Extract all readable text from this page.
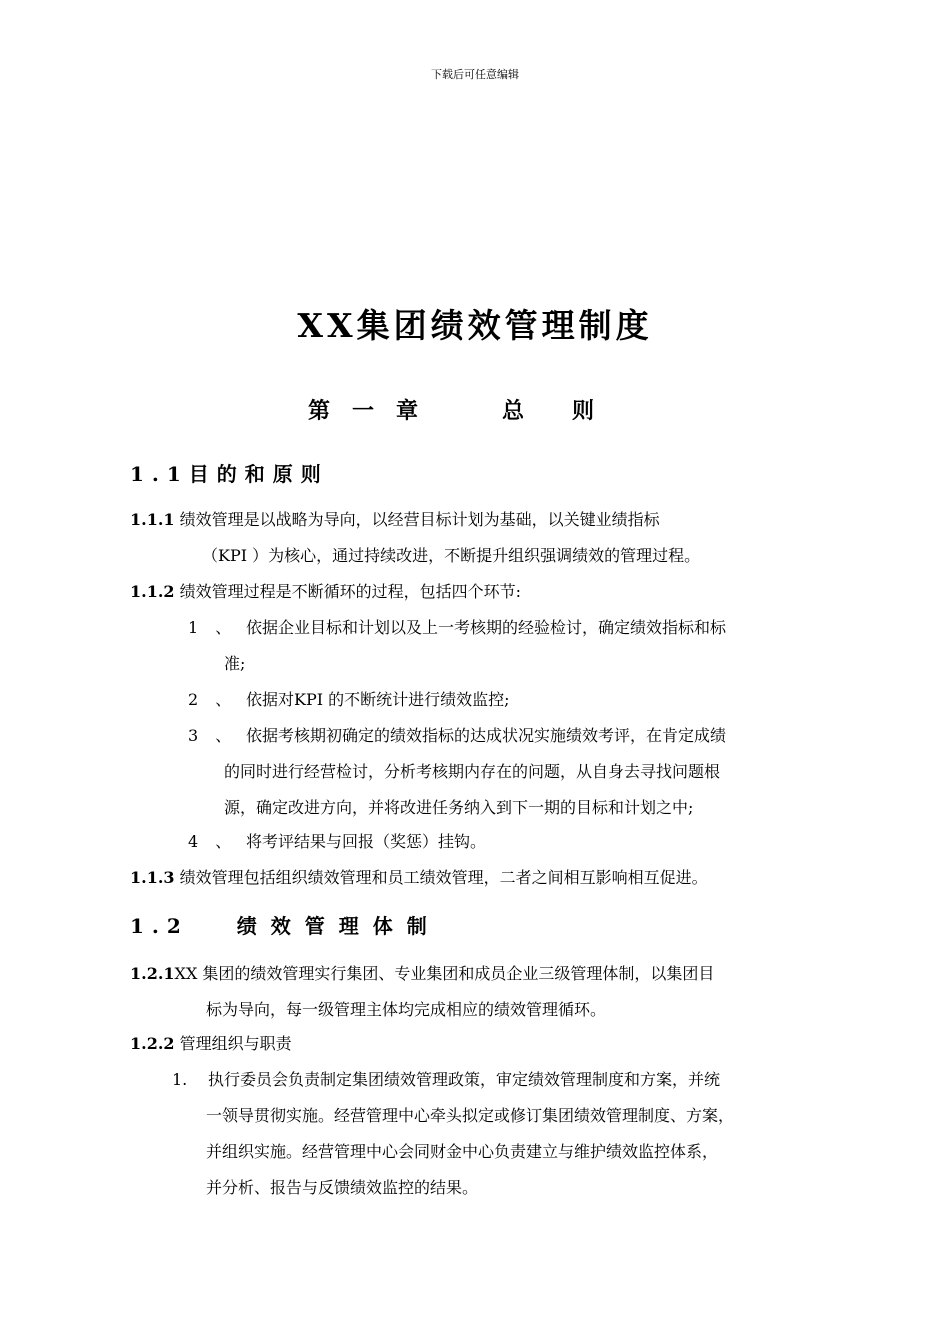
下载后可任意编辑
XX集团绩效管理制度
第一章	总则
1.1目的和原则
1.1.1 绩效管理是以战略为导向，以经营目标计划为基础，以关键业绩指标
（KPI ）为核心，通过持续改进，不断提升组织强调绩效的管理过程。
1.1.2 绩效管理过程是不断循环的过程，包括四个环节:
1 、 依据企业目标和计划以及上一考核期的经验检讨，确定绩效指标和标
准;
2 、 依据对KPI 的不断统计进行绩效监控;
3 、 依据考核期初确定的绩效指标的达成状况实施绩效考评，在肯定成绩
的同时进行经营检讨，分析考核期内存在的问题，从自身去寻找问题根
源，确定改进方向，并将改进任务纳入到下一期的目标和计划之中;
4 、 将考评结果与回报（奖惩）挂钩。
1.1.3 绩效管理包括组织绩效管理和员工绩效管理，二者之间相互影响相互促进。
1.2 绩效管理体制
1.2.1XX 集团的绩效管理实行集团、专业集团和成员企业三级管理体制，以集团目
标为导向，每一级管理主体均完成相应的绩效管理循环。
1.2.2 管理组织与职责
1. 执行委员会负责制定集团绩效管理政策，审定绩效管理制度和方案，并统
一领导贯彻实施。经营管理中心牵头拟定或修订集团绩效管理制度、方案，
并组织实施。经营管理中心会同财金中心负责建立与维护绩效监控体系，
并分析、报告与反馈绩效监控的结果。
